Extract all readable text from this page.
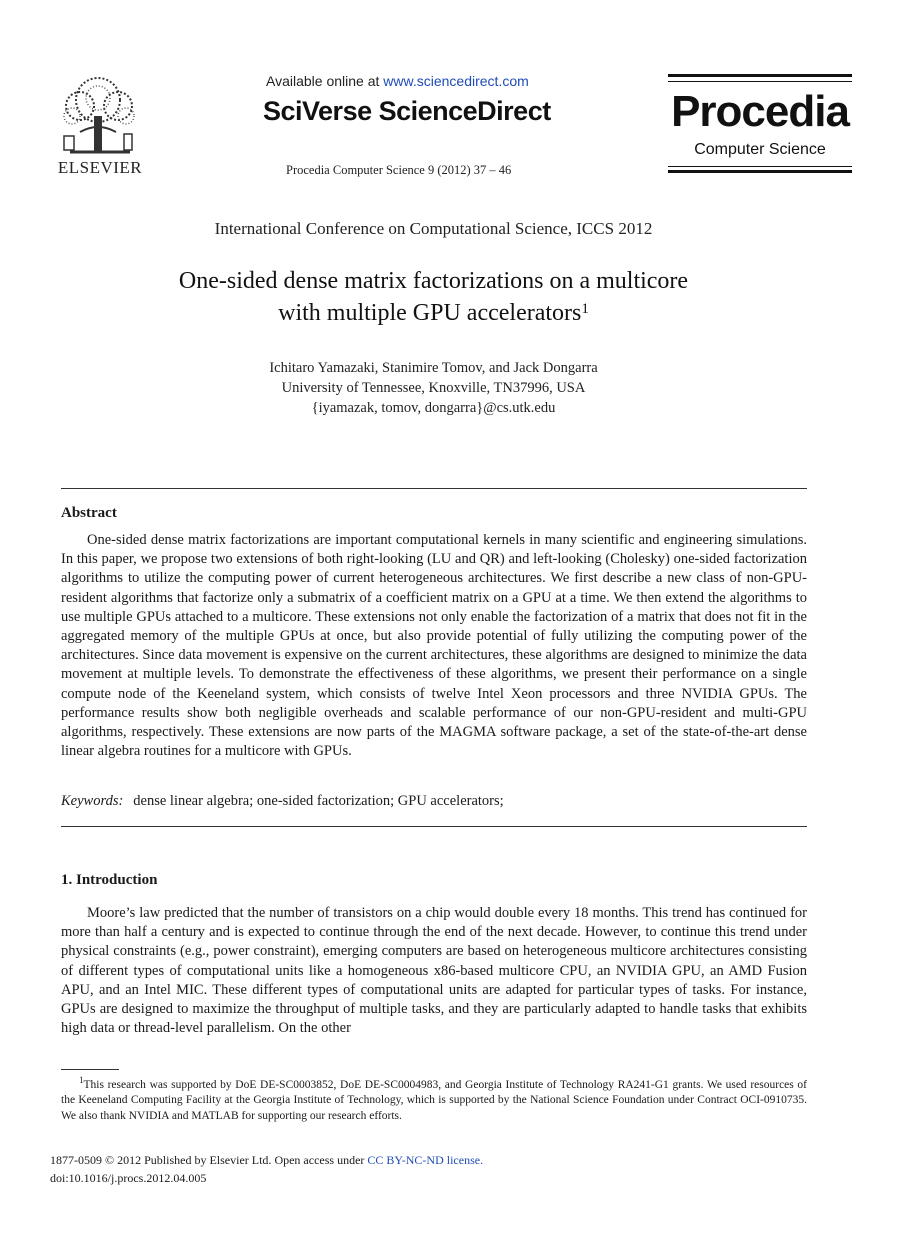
ELSEVIER
Available online at www.sciencedirect.com
SciVerse ScienceDirect
Procedia Computer Science 9 (2012) 37 – 46
Procedia
Computer Science
International Conference on Computational Science, ICCS 2012
One-sided dense matrix factorizations on a multicore
with multiple GPU accelerators$^1$
Ichitaro Yamazaki, Stanimire Tomov, and Jack Dongarra
University of Tennessee, Knoxville, TN37996, USA
{iyamazak, tomov, dongarra}@cs.utk.edu
Abstract
One-sided dense matrix factorizations are important computational kernels in many scientific and engineering simulations. In this paper, we propose two extensions of both right-looking (LU and QR) and left-looking (Cholesky) one-sided factorization algorithms to utilize the computing power of current heterogeneous architectures. We first describe a new class of non-GPU-resident algorithms that factorize only a submatrix of a coefficient matrix on a GPU at a time. We then extend the algorithms to use multiple GPUs attached to a multicore. These extensions not only enable the factorization of a matrix that does not fit in the aggregated memory of the multiple GPUs at once, but also provide potential of fully utilizing the computing power of the architectures. Since data movement is expensive on the current architectures, these algorithms are designed to minimize the data movement at multiple levels. To demonstrate the effectiveness of these algorithms, we present their performance on a single compute node of the Keeneland system, which consists of twelve Intel Xeon processors and three NVIDIA GPUs. The performance results show both negligible overheads and scalable performance of our non-GPU-resident and multi-GPU algorithms, respectively. These extensions are now parts of the MAGMA software package, a set of the state-of-the-art dense linear algebra routines for a multicore with GPUs.
Keywords: dense linear algebra; one-sided factorization; GPU accelerators;
1. Introduction
Moore’s law predicted that the number of transistors on a chip would double every 18 months. This trend has continued for more than half a century and is expected to continue through the end of the next decade. However, to continue this trend under physical constraints (e.g., power constraint), emerging computers are based on heterogeneous multicore architectures consisting of different types of computational units like a homogeneous x86-based multicore CPU, an NVIDIA GPU, an AMD Fusion APU, and an Intel MIC. These different types of computational units are adapted for particular types of tasks. For instance, GPUs are designed to maximize the throughput of multiple tasks, and they are particularly adapted to handle tasks that exhibits high data or thread-level parallelism. On the other
$^1$This research was supported by DoE DE-SC0003852, DoE DE-SC0004983, and Georgia Institute of Technology RA241-G1 grants. We used resources of the Keeneland Computing Facility at the Georgia Institute of Technology, which is supported by the National Science Foundation under Contract OCI-0910735. We also thank NVIDIA and MATLAB for supporting our research efforts.
1877-0509 © 2012 Published by Elsevier Ltd. Open access under CC BY-NC-ND license.
doi:10.1016/j.procs.2012.04.005
